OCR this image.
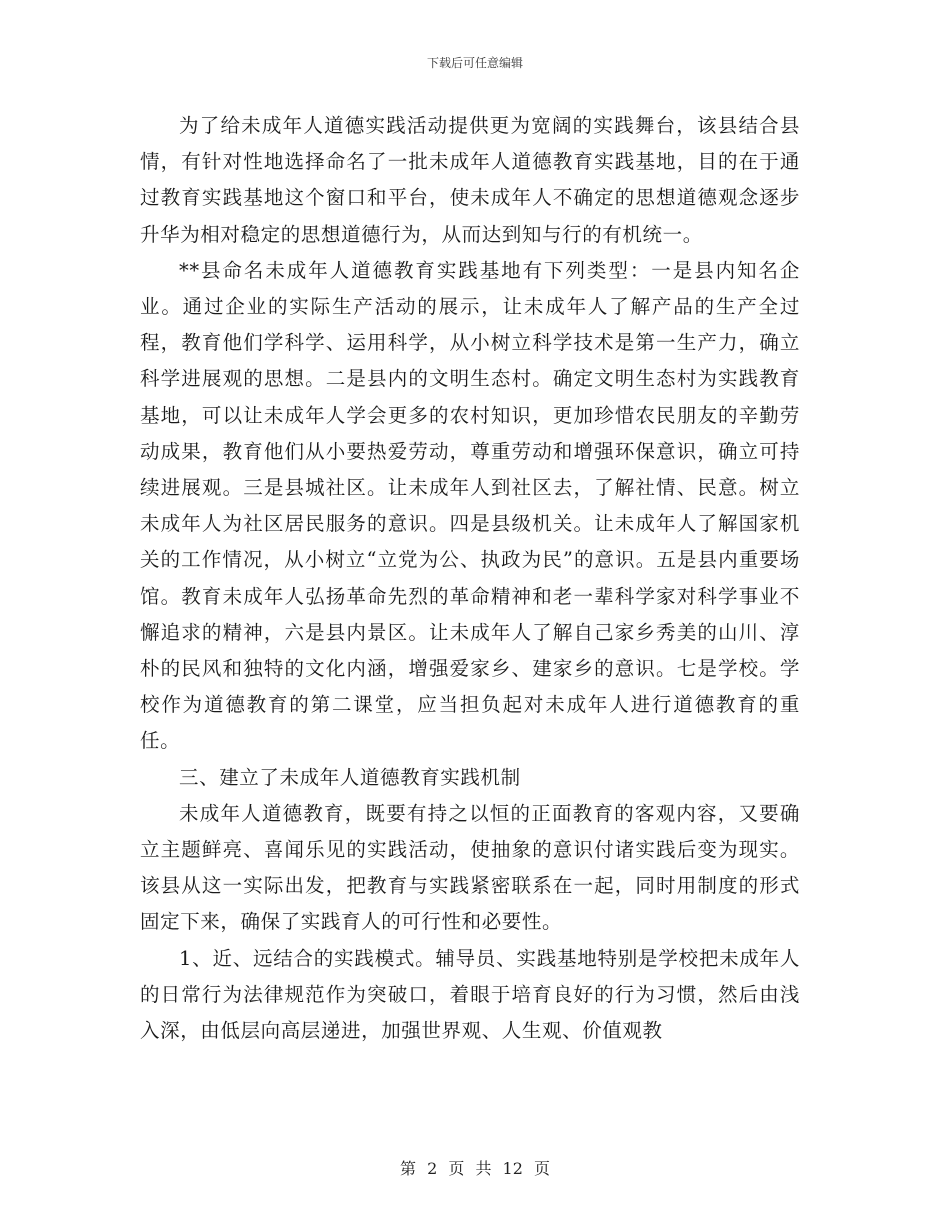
下载后可任意编辑

为了给未成年人道德实践活动提供更为宽阔的实践舞台，该县结合县情，有针对性地选择命名了一批未成年人道德教育实践基地，目的在于通过教育实践基地这个窗口和平台，使未成年人不确定的思想道德观念逐步升华为相对稳定的思想道德行为，从而达到知与行的有机统一。

**县命名未成年人道德教育实践基地有下列类型：一是县内知名企业。通过企业的实际生产活动的展示，让未成年人了解产品的生产全过程，教育他们学科学、运用科学，从小树立科学技术是第一生产力，确立科学进展观的思想。二是县内的文明生态村。确定文明生态村为实践教育基地，可以让未成年人学会更多的农村知识，更加珍惜农民朋友的辛勤劳动成果，教育他们从小要热爱劳动，尊重劳动和增强环保意识，确立可持续进展观。三是县城社区。让未成年人到社区去，了解社情、民意。树立未成年人为社区居民服务的意识。四是县级机关。让未成年人了解国家机关的工作情况，从小树立“立党为公、执政为民”的意识。五是县内重要场馆。教育未成年人弘扬革命先烈的革命精神和老一辈科学家对科学事业不懈追求的精神，六是县内景区。让未成年人了解自己家乡秀美的山川、淳朴的民风和独特的文化内涵，增强爱家乡、建家乡的意识。七是学校。学校作为道德教育的第二课堂，应当担负起对未成年人进行道德教育的重任。

三、建立了未成年人道德教育实践机制

未成年人道德教育，既要有持之以恒的正面教育的客观内容，又要确立主题鲜亮、喜闻乐见的实践活动，使抽象的意识付诸实践后变为现实。该县从这一实际出发，把教育与实践紧密联系在一起，同时用制度的形式固定下来，确保了实践育人的可行性和必要性。

1、近、远结合的实践模式。辅导员、实践基地特别是学校把未成年人的日常行为法律规范作为突破口，着眼于培育良好的行为习惯，然后由浅入深，由低层向高层递进，加强世界观、人生观、价值观教

第 2 页 共 12 页
